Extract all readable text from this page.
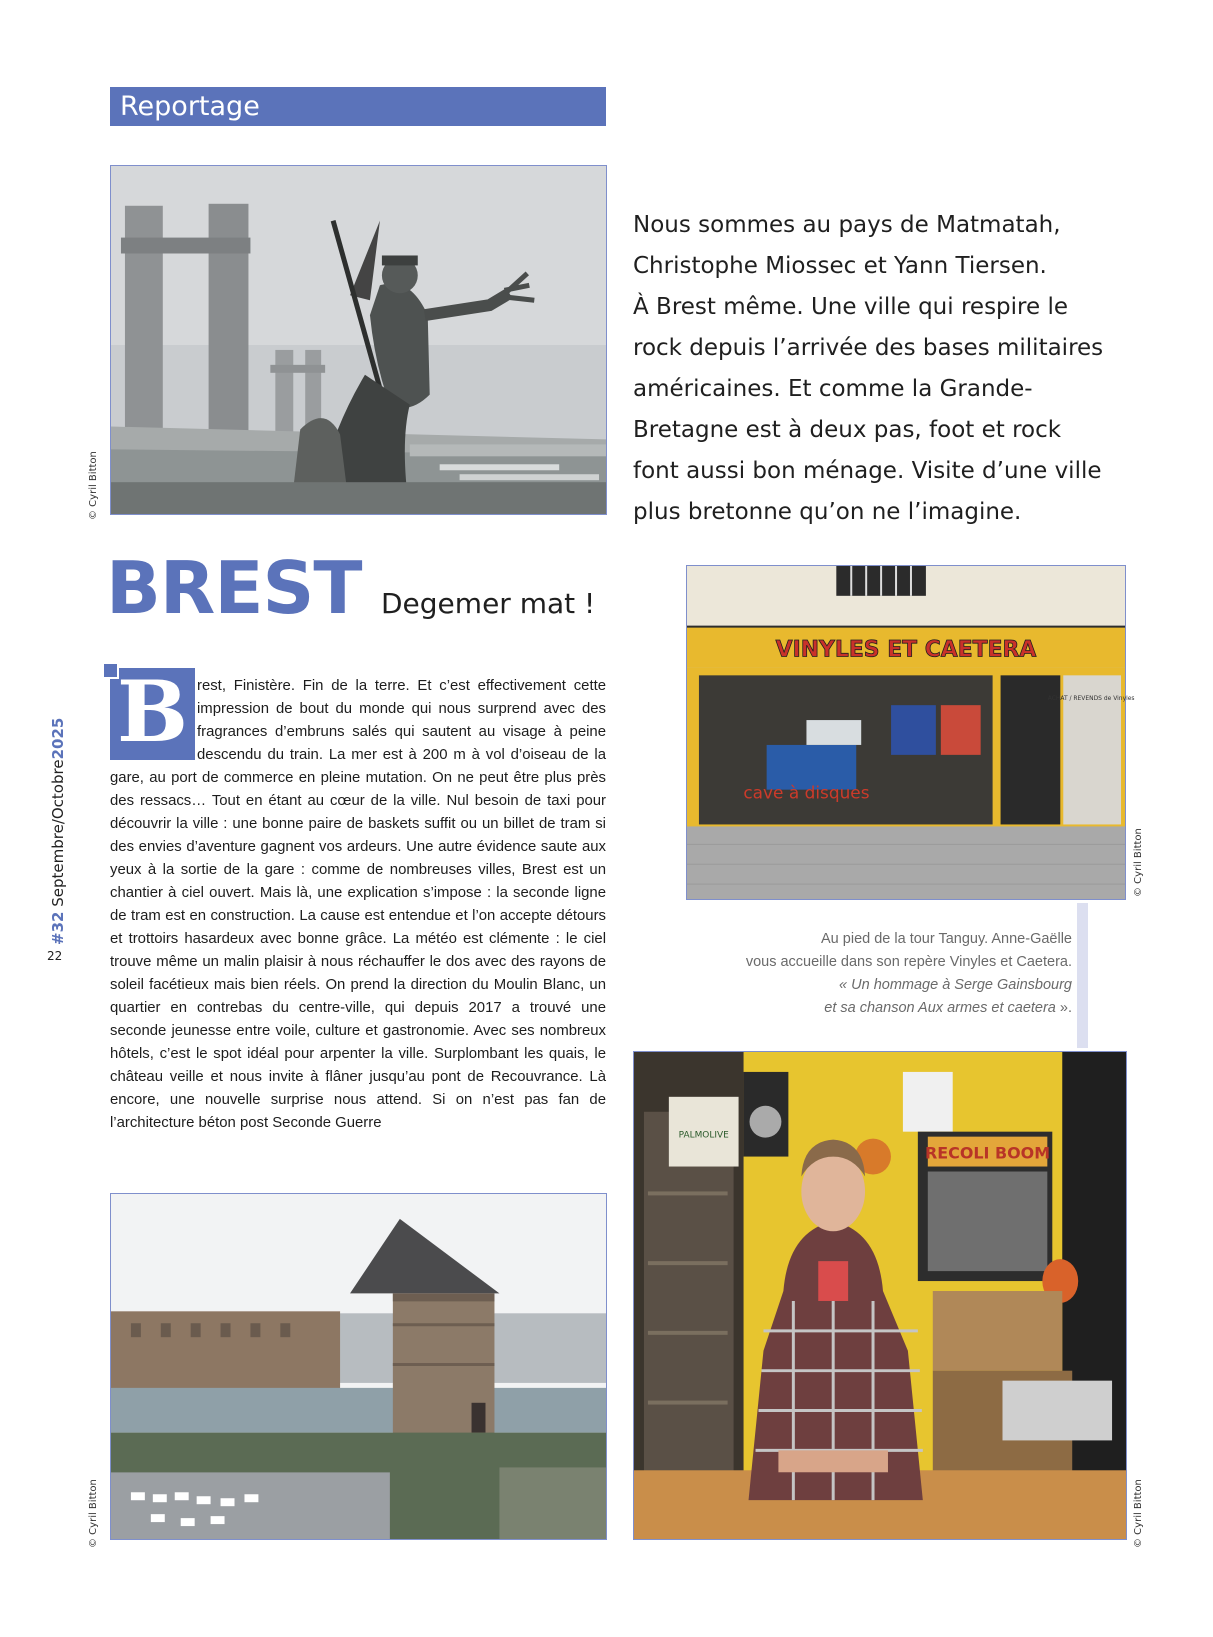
Reportage
© Cyril Bitton
Nous sommes au pays de Matmatah,
Christophe Miossec et Yann Tiersen.
À Brest même. Une ville qui respire le
rock depuis l’arrivée des bases militaires
américaines. Et comme la Grande-
Bretagne est à deux pas, foot et rock
font aussi bon ménage. Visite d’une ville
plus bretonne qu’on ne l’imagine.
BREST Degemer mat !
#32 Septembre/Octobre2025
22
B rest, Finistère. Fin de la terre. Et c’est effectivement cette impression de bout du monde qui nous surprend avec des fragrances d’embruns salés qui sautent au visage à peine descendu du train. La mer est à 200 m à vol d’oiseau de la gare, au port de commerce en pleine mutation. On ne peut être plus près des ressacs… Tout en étant au cœur de la ville. Nul besoin de taxi pour découvrir la ville : une bonne paire de baskets suffit ou un billet de tram si des envies d’aventure gagnent vos ardeurs. Une autre évidence saute aux yeux à la sortie de la gare : comme de nombreuses villes, Brest est un chantier à ciel ouvert. Mais là, une explication s’impose : la seconde ligne de tram est en construction. La cause est entendue et l’on accepte détours et trottoirs hasardeux avec bonne grâce. La météo est clémente : le ciel trouve même un malin plaisir à nous réchauffer le dos avec des rayons de soleil facétieux mais bien réels. On prend la direction du Moulin Blanc, un quartier en contrebas du centre-ville, qui depuis 2017 a trouvé une seconde jeunesse entre voile, culture et gastronomie. Avec ses nombreux hôtels, c’est le spot idéal pour arpenter la ville. Surplombant les quais, le château veille et nous invite à flâner jusqu’au pont de Recouvrance. Là encore, une nouvelle surprise nous attend. Si on n’est pas fan de l’architecture béton post Seconde Guerre
VINYLES ET CAETERA
cave à disques
ACHAT / REVENDS de Vinyles
© Cyril Bitton
Au pied de la tour Tanguy. Anne-Gaëlle
vous accueille dans son repère Vinyles et Caetera.
« Un hommage à Serge Gainsbourg
et sa chanson Aux armes et caetera ».
© Cyril Bitton
PALMOLIVE
RECOLI BOOM
© Cyril Bitton
